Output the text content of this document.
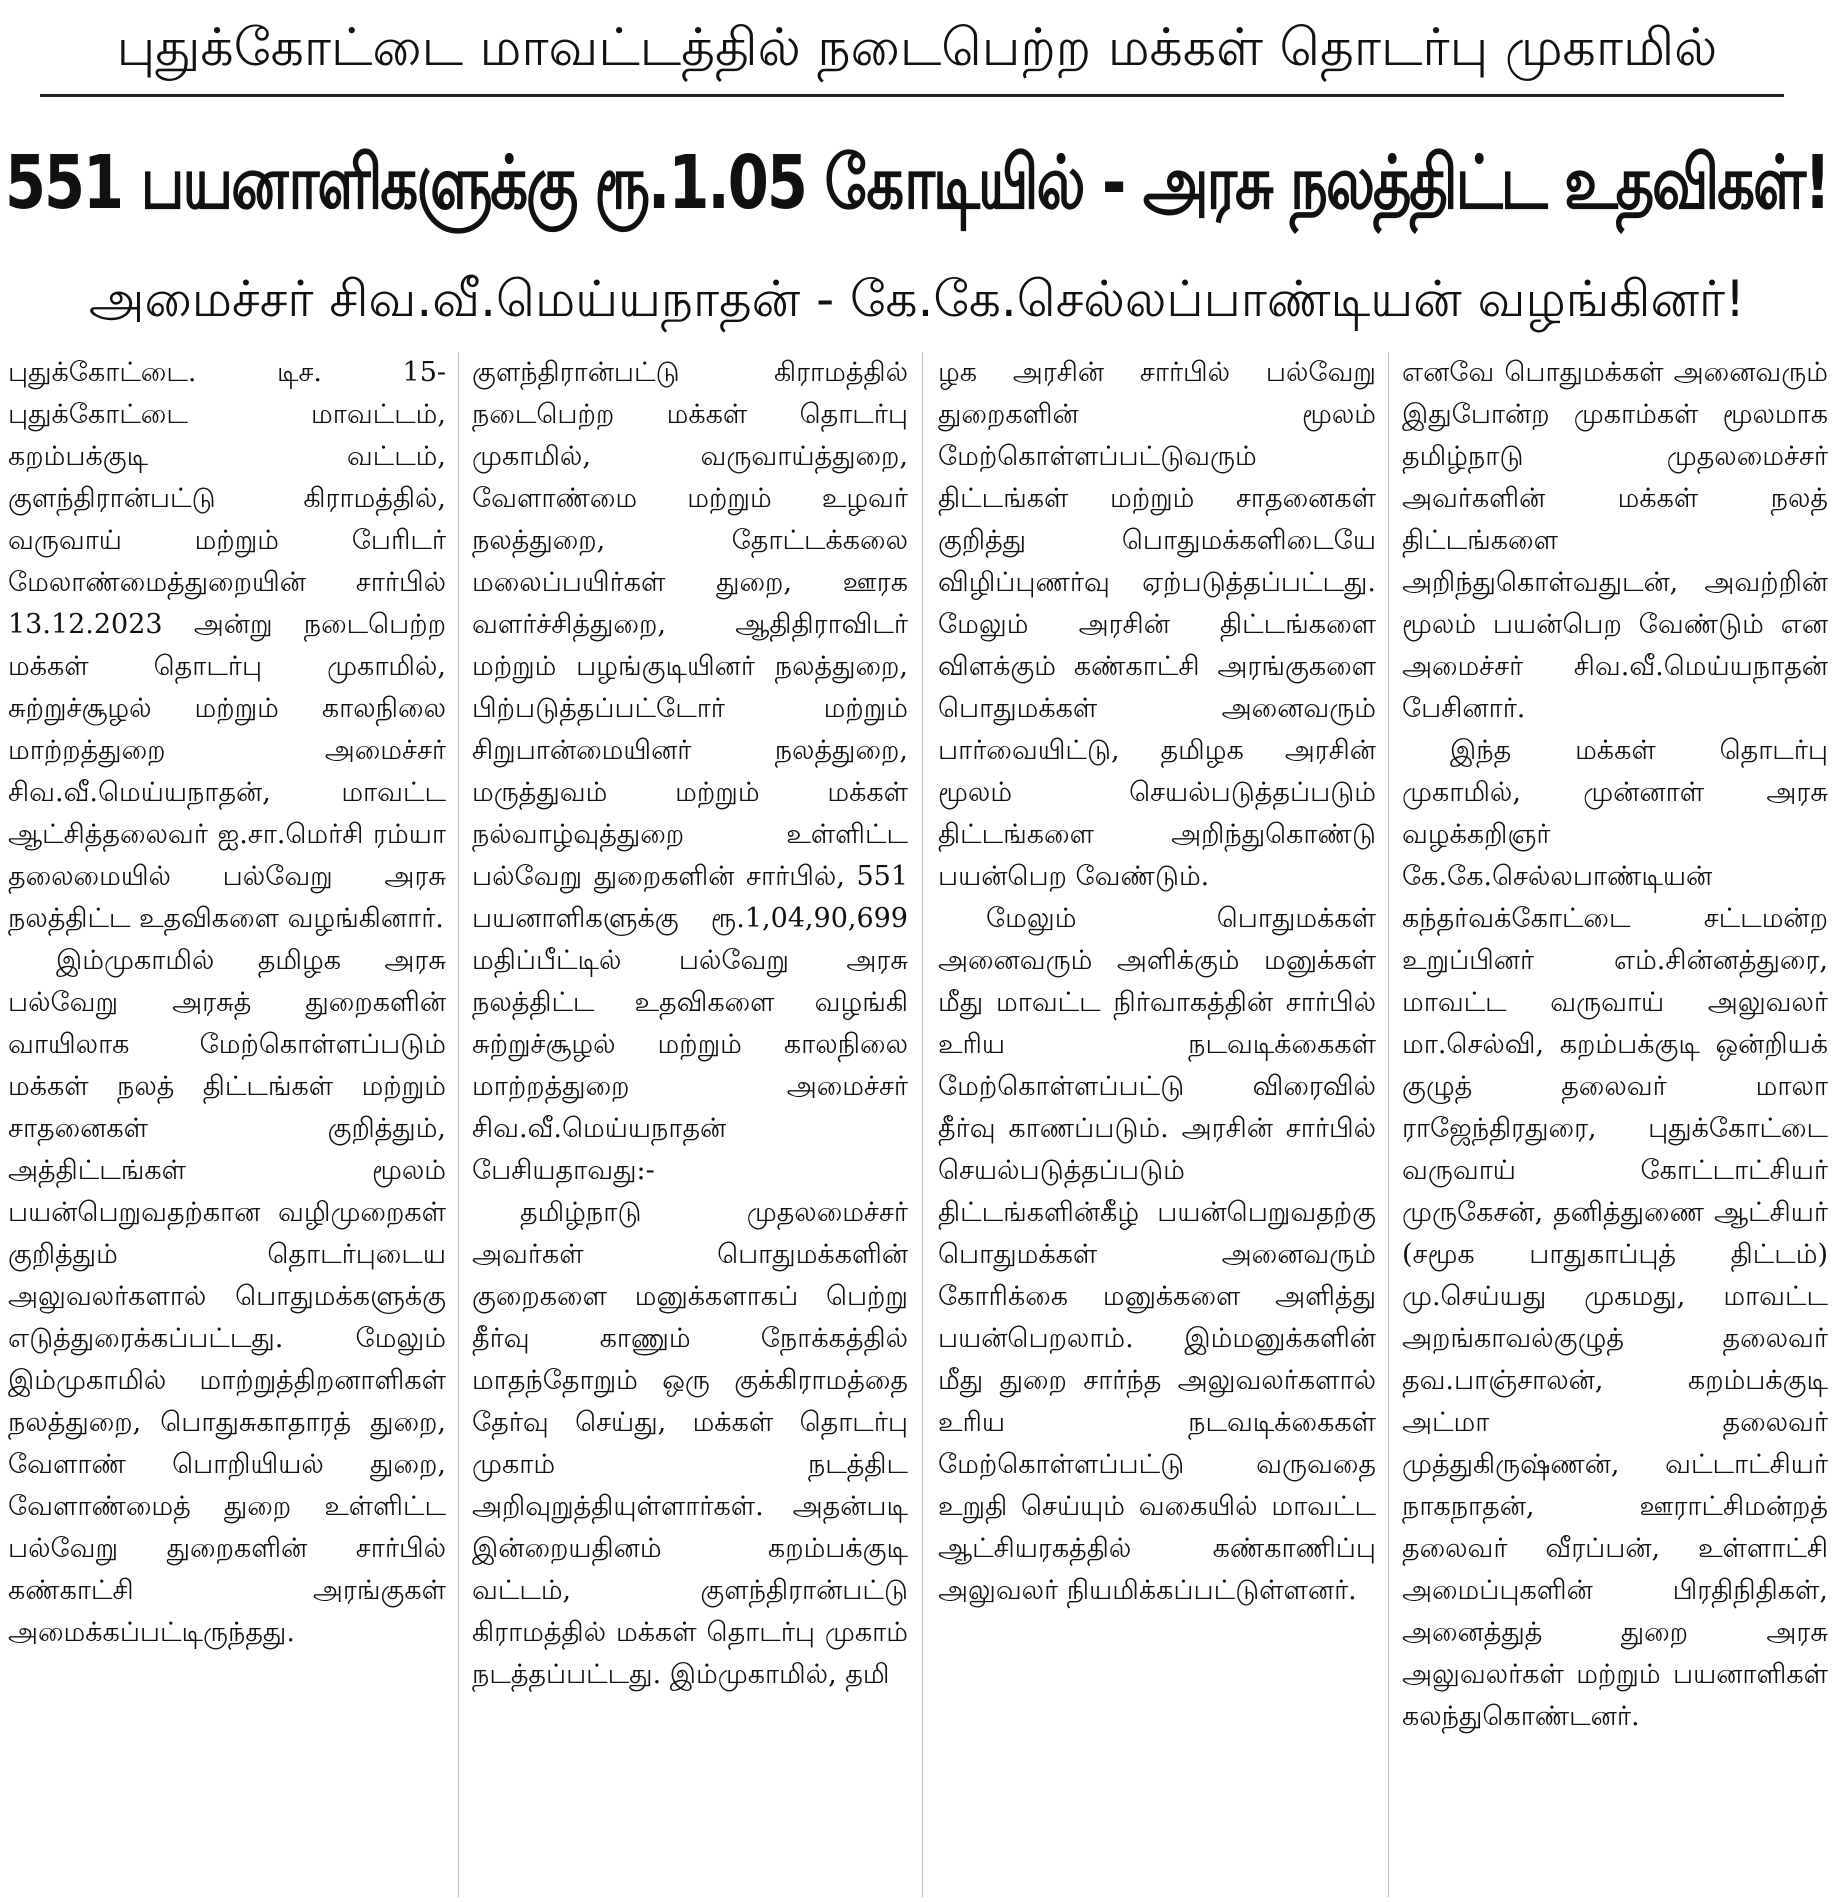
புதுக்கோட்டை மாவட்டத்தில் நடைபெற்ற மக்கள் தொடர்பு முகாமில்
551 பயனாளிகளுக்கு ரூ.1.05 கோடியில் - அரசு நலத்திட்ட உதவிகள்!
அமைச்சர் சிவ.வீ.மெய்யநாதன் - கே.கே.செல்லப்பாண்டியன் வழங்கினர்!

புதுக்கோட்டை. டிச. 15- புதுக்கோட்டை மாவட்டம், கறம்பக்குடி வட்டம், குளந்திரான்பட்டு கிராமத்தில், வருவாய் மற்றும் பேரிடர் மேலாண்மைத்துறையின் சார்பில் 13.12.2023 அன்று நடைபெற்ற மக்கள் தொடர்பு முகாமில், சுற்றுச்சூழல் மற்றும் காலநிலை மாற்றத்துறை அமைச்சர் சிவ.வீ.மெய்யநாதன், மாவட்ட ஆட்சித்தலைவர் ஐ.சா.மெர்சி ரம்யா தலைமையில் பல்வேறு அரசு நலத்திட்ட உதவிகளை வழங்கினார்.

இம்முகாமில் தமிழக அரசு பல்வேறு அரசுத் துறைகளின் வாயிலாக மேற்கொள்ளப்படும் மக்கள் நலத் திட்டங்கள் மற்றும் சாதனைகள் குறித்தும், அத்திட்டங்கள் மூலம் பயன்பெறுவதற்கான வழிமுறைகள் குறித்தும் தொடர்புடைய அலுவலர்களால் பொதுமக்களுக்கு எடுத்துரைக்கப்பட்டது. மேலும் இம்முகாமில் மாற்றுத்திறனாளிகள் நலத்துறை, பொதுசுகாதாரத் துறை, வேளாண் பொறியியல் துறை, வேளாண்மைத் துறை உள்ளிட்ட பல்வேறு துறைகளின் சார்பில் கண்காட்சி அரங்குகள் அமைக்கப்பட்டிருந்தது.

குளந்திரான்பட்டு கிராமத்தில் நடைபெற்ற மக்கள் தொடர்பு முகாமில், வருவாய்த்துறை, வேளாண்மை மற்றும் உழவர் நலத்துறை, தோட்டக்கலை மலைப்பயிர்கள் துறை, ஊரக வளர்ச்சித்துறை, ஆதிதிராவிடர் மற்றும் பழங்குடியினர் நலத்துறை, பிற்படுத்தப்பட்டோர் மற்றும் சிறுபான்மையினர் நலத்துறை, மருத்துவம் மற்றும் மக்கள் நல்வாழ்வுத்துறை உள்ளிட்ட பல்வேறு துறைகளின் சார்பில், 551 பயனாளிகளுக்கு ரூ.1,04,90,699 மதிப்பீட்டில் பல்வேறு அரசு நலத்திட்ட உதவிகளை வழங்கி சுற்றுச்சூழல் மற்றும் காலநிலை மாற்றத்துறை அமைச்சர் சிவ.வீ.மெய்யநாதன் பேசியதாவது:-

தமிழ்நாடு முதலமைச்சர் அவர்கள் பொதுமக்களின் குறைகளை மனுக்களாகப் பெற்று தீர்வு காணும் நோக்கத்தில் மாதந்தோறும் ஒரு குக்கிராமத்தை தேர்வு செய்து, மக்கள் தொடர்பு முகாம் நடத்திட அறிவுறுத்தியுள்ளார்கள். அதன்படி இன்றையதினம் கறம்பக்குடி வட்டம், குளந்திரான்பட்டு கிராமத்தில் மக்கள் தொடர்பு முகாம் நடத்தப்பட்டது. இம்முகாமில், தமி

ழக அரசின் சார்பில் பல்வேறு துறைகளின் மூலம் மேற்கொள்ளப்பட்டுவரும் திட்டங்கள் மற்றும் சாதனைகள் குறித்து பொதுமக்களிடையே விழிப்புணர்வு ஏற்படுத்தப்பட்டது. மேலும் அரசின் திட்டங்களை விளக்கும் கண்காட்சி அரங்குகளை பொதுமக்கள் அனைவரும் பார்வையிட்டு, தமிழக அரசின் மூலம் செயல்படுத்தப்படும் திட்டங்களை அறிந்துகொண்டு பயன்பெற வேண்டும்.

மேலும் பொதுமக்கள் அனைவரும் அளிக்கும் மனுக்கள் மீது மாவட்ட நிர்வாகத்தின் சார்பில் உரிய நடவடிக்கைகள் மேற்கொள்ளப்பட்டு விரைவில் தீர்வு காணப்படும். அரசின் சார்பில் செயல்படுத்தப்படும் திட்டங்களின்கீழ் பயன்பெறுவதற்கு பொதுமக்கள் அனைவரும் கோரிக்கை மனுக்களை அளித்து பயன்பெறலாம். இம்மனுக்களின் மீது துறை சார்ந்த அலுவலர்களால் உரிய நடவடிக்கைகள் மேற்கொள்ளப்பட்டு வருவதை உறுதி செய்யும் வகையில் மாவட்ட ஆட்சியரகத்தில் கண்காணிப்பு அலுவலர் நியமிக்கப்பட்டுள்ளனர்.

எனவே பொதுமக்கள் அனைவரும் இதுபோன்ற முகாம்கள் மூலமாக தமிழ்நாடு முதலமைச்சர் அவர்களின் மக்கள் நலத் திட்டங்களை அறிந்துகொள்வதுடன், அவற்றின் மூலம் பயன்பெற வேண்டும் என அமைச்சர் சிவ.வீ.மெய்யநாதன் பேசினார்.

இந்த மக்கள் தொடர்பு முகாமில், முன்னாள் அரசு வழக்கறிஞர் கே.கே.செல்லபாண்டியன் கந்தர்வக்கோட்டை சட்டமன்ற உறுப்பினர் எம்.சின்னத்துரை, மாவட்ட வருவாய் அலுவலர் மா.செல்வி, கறம்பக்குடி ஒன்றியக் குழுத் தலைவர் மாலா ராஜேந்திரதுரை, புதுக்கோட்டை வருவாய் கோட்டாட்சியர் முருகேசன், தனித்துணை ஆட்சியர் (சமூக பாதுகாப்புத் திட்டம்) மு.செய்யது முகமது, மாவட்ட அறங்காவல்குழுத் தலைவர் தவ.பாஞ்சாலன், கறம்பக்குடி அட்மா தலைவர் முத்துகிருஷ்ணன், வட்டாட்சியர் நாகநாதன், ஊராட்சிமன்றத் தலைவர் வீரப்பன், உள்ளாட்சி அமைப்புகளின் பிரதிநிதிகள், அனைத்துத் துறை அரசு அலுவலர்கள் மற்றும் பயனாளிகள் கலந்துகொண்டனர்.
